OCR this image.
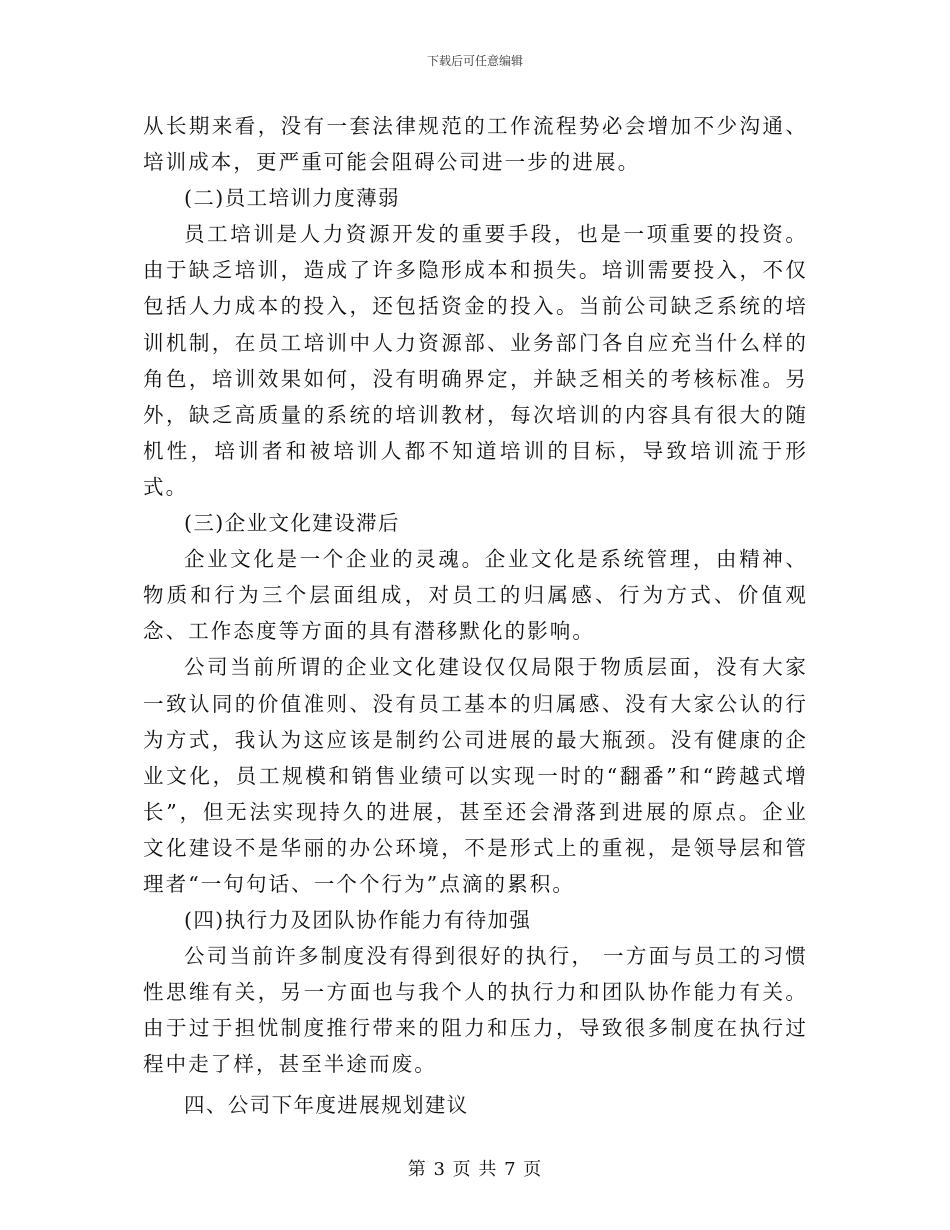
下载后可任意编辑

从长期来看，没有一套法律规范的工作流程势必会增加不少沟通、培训成本，更严重可能会阻碍公司进一步的进展。

(二)员工培训力度薄弱

员工培训是人力资源开发的重要手段，也是一项重要的投资。由于缺乏培训，造成了许多隐形成本和损失。培训需要投入，不仅包括人力成本的投入，还包括资金的投入。当前公司缺乏系统的培训机制，在员工培训中人力资源部、业务部门各自应充当什么样的角色，培训效果如何，没有明确界定，并缺乏相关的考核标准。另外，缺乏高质量的系统的培训教材，每次培训的内容具有很大的随机性，培训者和被培训人都不知道培训的目标，导致培训流于形式。

(三)企业文化建设滞后

企业文化是一个企业的灵魂。企业文化是系统管理，由精神、物质和行为三个层面组成，对员工的归属感、行为方式、价值观念、工作态度等方面的具有潜移默化的影响。

公司当前所谓的企业文化建设仅仅局限于物质层面，没有大家一致认同的价值准则、没有员工基本的归属感、没有大家公认的行为方式，我认为这应该是制约公司进展的最大瓶颈。没有健康的企业文化，员工规模和销售业绩可以实现一时的“翻番”和“跨越式增长”，但无法实现持久的进展，甚至还会滑落到进展的原点。企业文化建设不是华丽的办公环境，不是形式上的重视，是领导层和管理者“一句句话、一个个行为”点滴的累积。

(四)执行力及团队协作能力有待加强

公司当前许多制度没有得到很好的执行， 一方面与员工的习惯性思维有关，另一方面也与我个人的执行力和团队协作能力有关。由于过于担忧制度推行带来的阻力和压力，导致很多制度在执行过程中走了样，甚至半途而废。

四、公司下年度进展规划建议

第 3 页 共 7 页
